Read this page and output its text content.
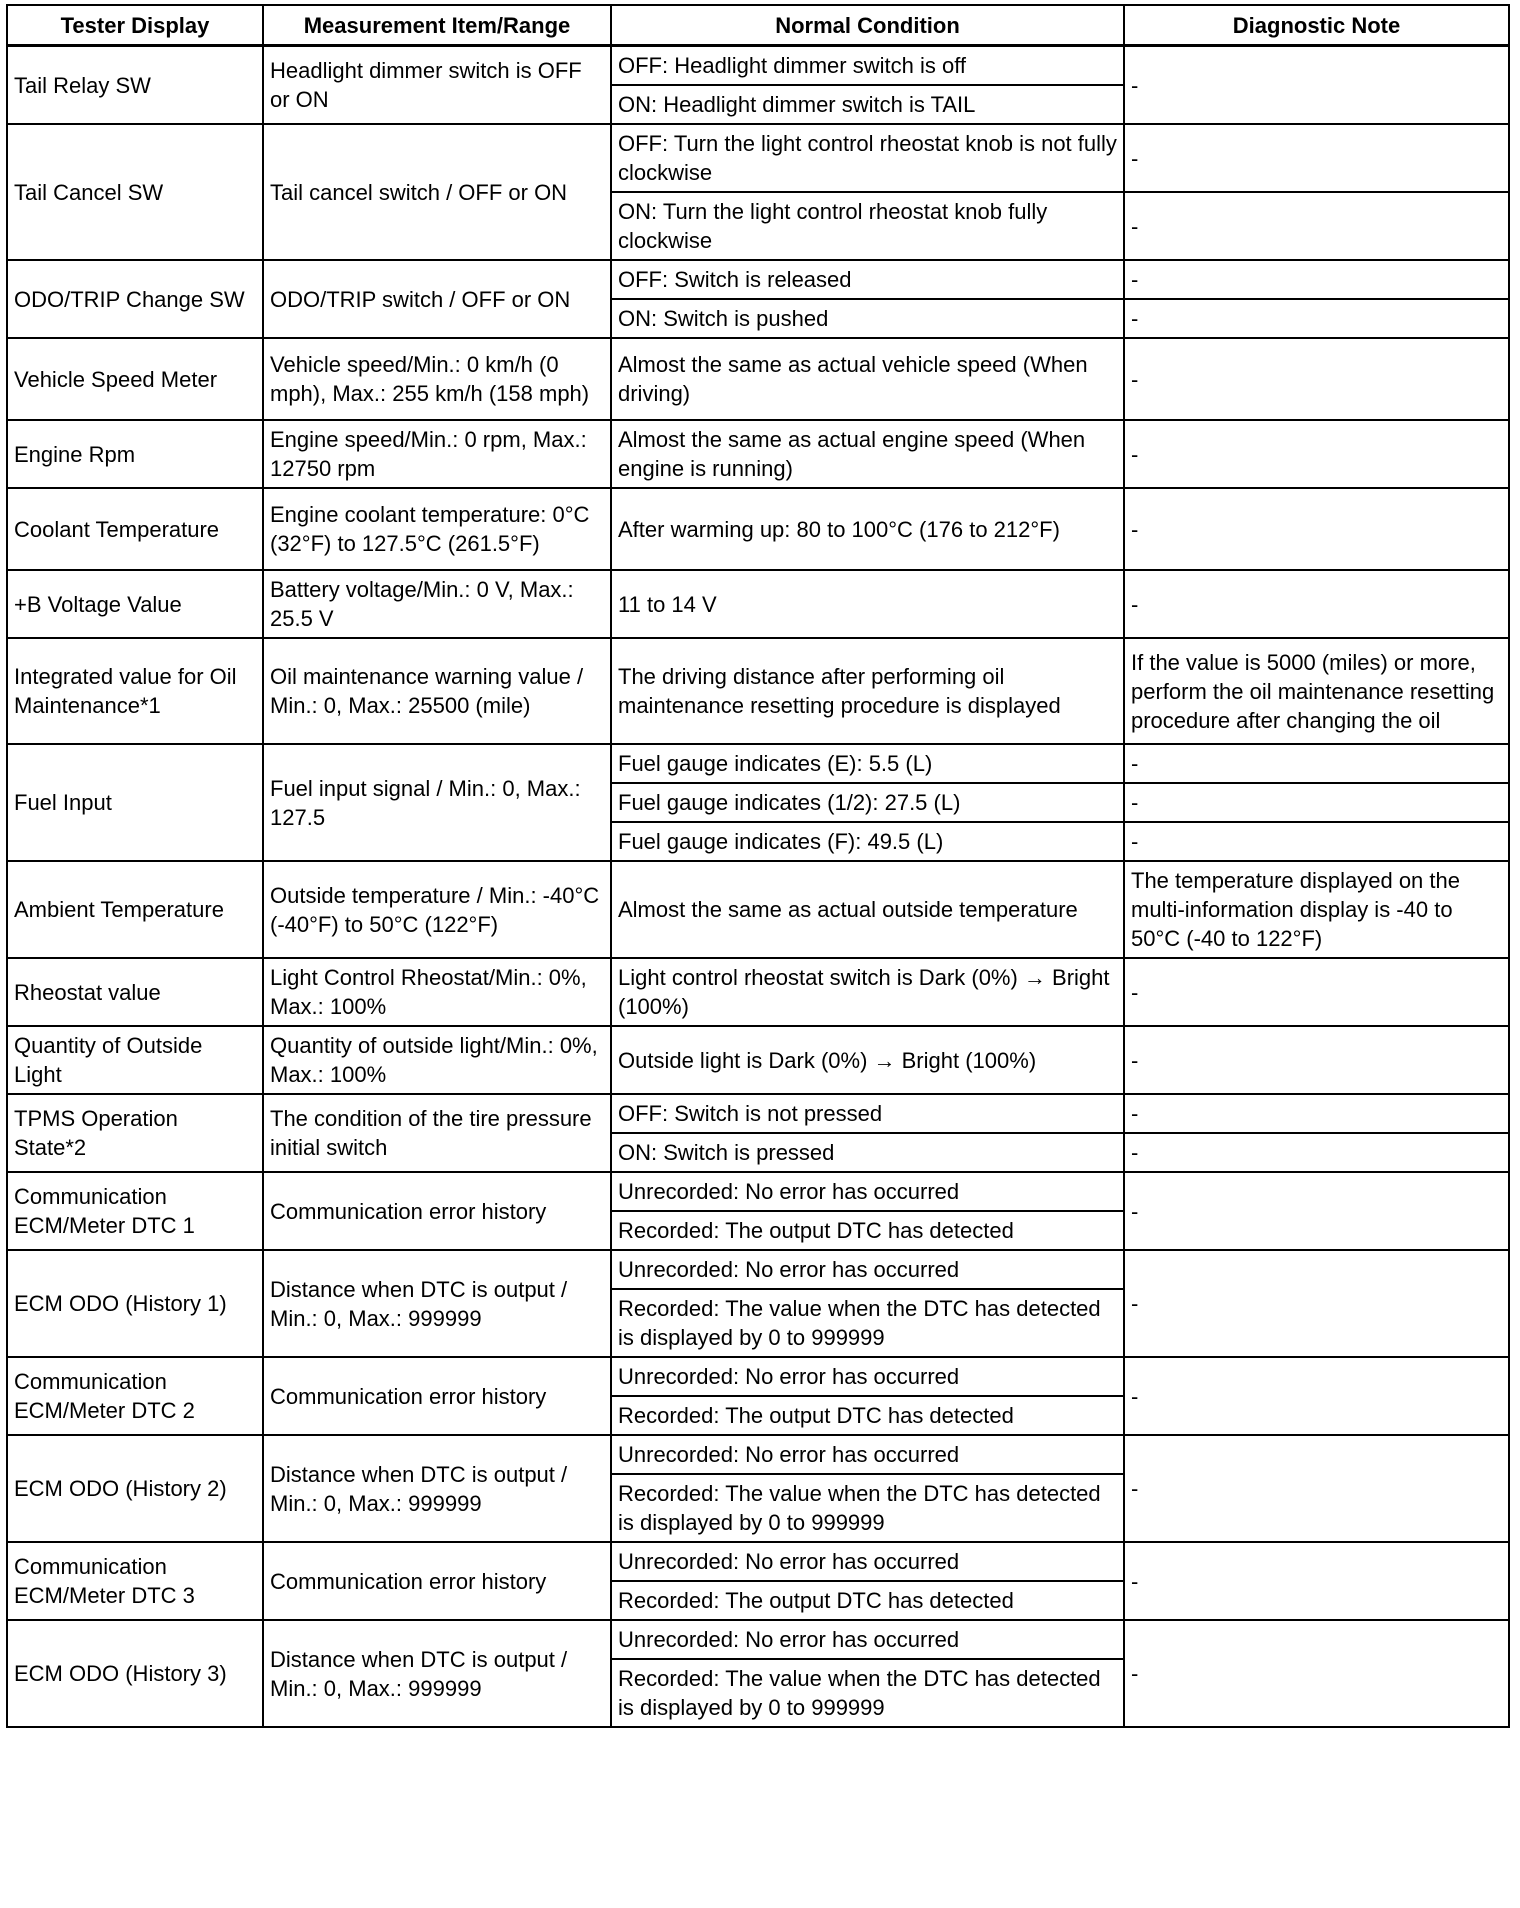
Tester Display	Measurement Item/Range	Normal Condition	Diagnostic Note
Tail Relay SW	Headlight dimmer switch is OFF or ON	OFF: Headlight dimmer switch is off	-
		ON: Headlight dimmer switch is TAIL	
Tail Cancel SW	Tail cancel switch / OFF or ON	OFF: Turn the light control rheostat knob is not fully clockwise	-
		ON: Turn the light control rheostat knob fully clockwise	-
ODO/TRIP Change SW	ODO/TRIP switch / OFF or ON	OFF: Switch is released	-
		ON: Switch is pushed	-
Vehicle Speed Meter	Vehicle speed/Min.: 0 km/h (0 mph), Max.: 255 km/h (158 mph)	Almost the same as actual vehicle speed (When driving)	-
Engine Rpm	Engine speed/Min.: 0 rpm, Max.: 12750 rpm	Almost the same as actual engine speed (When engine is running)	-
Coolant Temperature	Engine coolant temperature: 0°C (32°F) to 127.5°C (261.5°F)	After warming up: 80 to 100°C (176 to 212°F)	-
+B Voltage Value	Battery voltage/Min.: 0 V, Max.: 25.5 V	11 to 14 V	-
Integrated value for Oil Maintenance*1	Oil maintenance warning value / Min.: 0, Max.: 25500 (mile)	The driving distance after performing oil maintenance resetting procedure is displayed	If the value is 5000 (miles) or more, perform the oil maintenance resetting procedure after changing the oil
Fuel Input	Fuel input signal / Min.: 0, Max.: 127.5	Fuel gauge indicates (E): 5.5 (L)	-
		Fuel gauge indicates (1/2): 27.5 (L)	-
		Fuel gauge indicates (F): 49.5 (L)	-
Ambient Temperature	Outside temperature / Min.: -40°C (-40°F) to 50°C (122°F)	Almost the same as actual outside temperature	The temperature displayed on the multi-information display is -40 to 50°C (-40 to 122°F)
Rheostat value	Light Control Rheostat/Min.: 0%, Max.: 100%	Light control rheostat switch is Dark (0%) → Bright (100%)	-
Quantity of Outside Light	Quantity of outside light/Min.: 0%, Max.: 100%	Outside light is Dark (0%) → Bright (100%)	-
TPMS Operation State*2	The condition of the tire pressure initial switch	OFF: Switch is not pressed	-
		ON: Switch is pressed	-
Communication ECM/Meter DTC 1	Communication error history	Unrecorded: No error has occurred	-
		Recorded: The output DTC has detected	
ECM ODO (History 1)	Distance when DTC is output / Min.: 0, Max.: 999999	Unrecorded: No error has occurred	-
		Recorded: The value when the DTC has detected is displayed by 0 to 999999	
Communication ECM/Meter DTC 2	Communication error history	Unrecorded: No error has occurred	-
		Recorded: The output DTC has detected	
ECM ODO (History 2)	Distance when DTC is output / Min.: 0, Max.: 999999	Unrecorded: No error has occurred	-
		Recorded: The value when the DTC has detected is displayed by 0 to 999999	
Communication ECM/Meter DTC 3	Communication error history	Unrecorded: No error has occurred	-
		Recorded: The output DTC has detected	
ECM ODO (History 3)	Distance when DTC is output / Min.: 0, Max.: 999999	Unrecorded: No error has occurred	-
		Recorded: The value when the DTC has detected is displayed by 0 to 999999	
